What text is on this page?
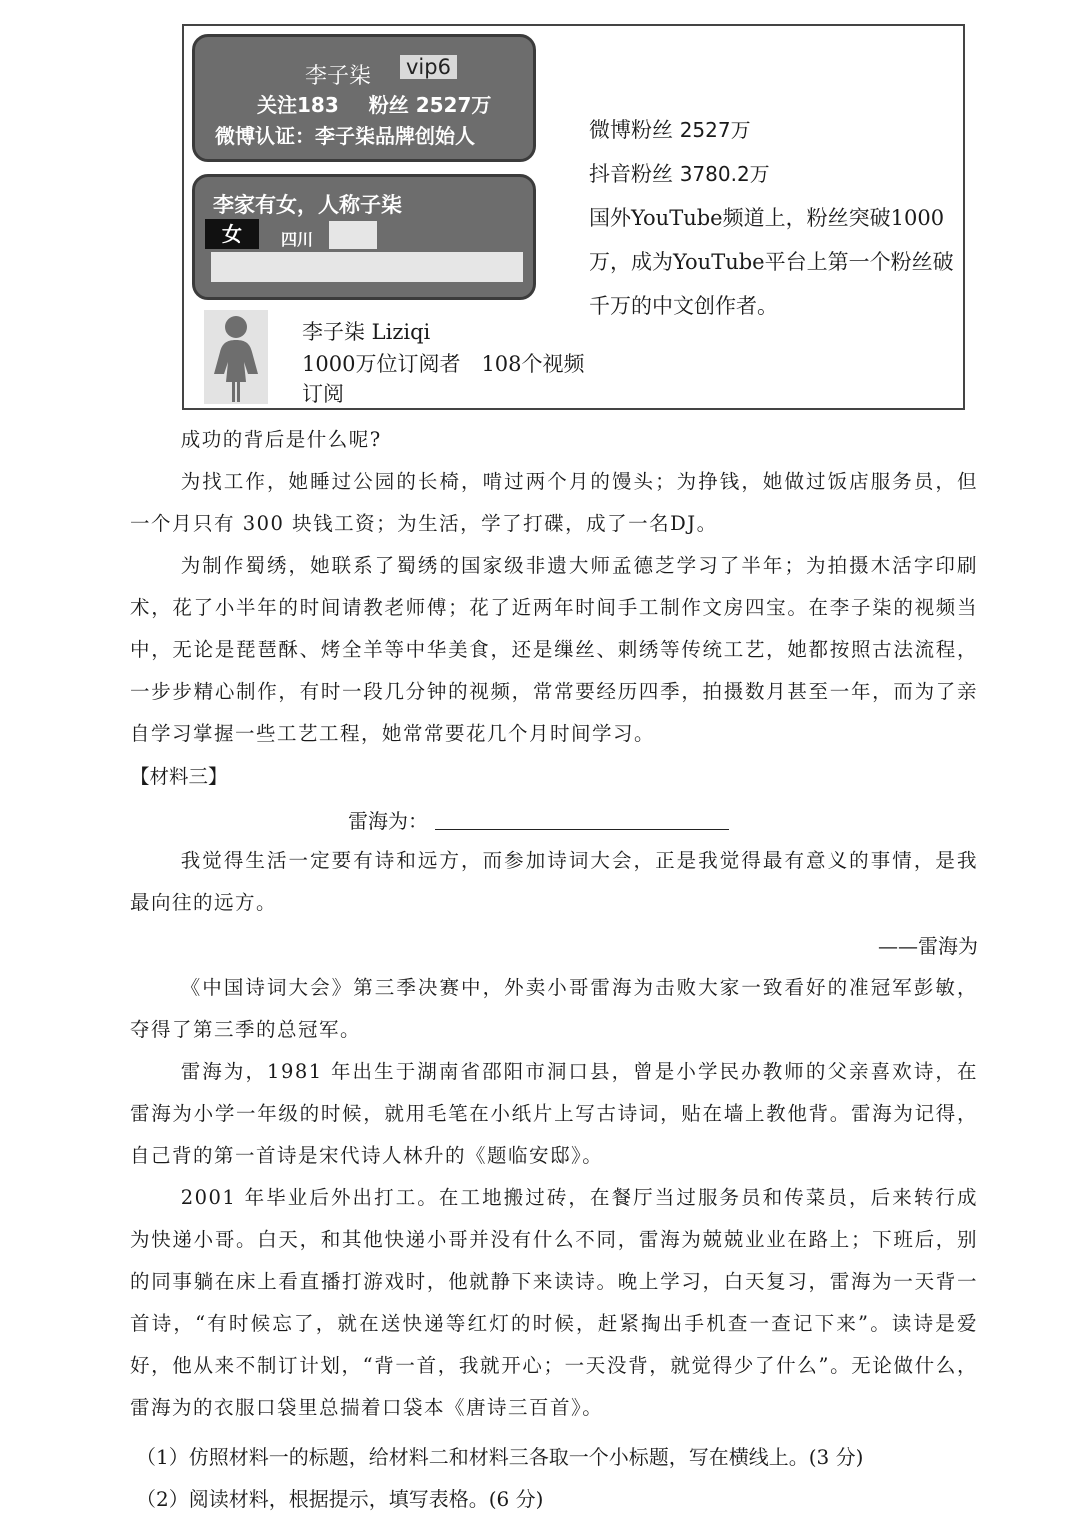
李子柒 vip6
关注183 粉丝 2527万
微博认证：李子柒品牌创始人
李家有女，人称子柒
女	四川
李子柒 Liziqi
1000万位订阅者　108个视频
订阅

微博粉丝 2527万

抖音粉丝 3780.2万

国外YouTube频道上，粉丝突破1000万，成为YouTube平台上第一个粉丝破千万的中文创作者。

成功的背后是什么呢?

为找工作，她睡过公园的长椅，啃过两个月的馒头；为挣钱，她做过饭店服务员，但一个月只有 300 块钱工资；为生活，学了打碟，成了一名DJ。

为制作蜀绣，她联系了蜀绣的国家级非遗大师孟德芝学习了半年；为拍摄木活字印刷术，花了小半年的时间请教老师傅；花了近两年时间手工制作文房四宝。在李子柒的视频当中，无论是琵琶酥、烤全羊等中华美食，还是缫丝、刺绣等传统工艺，她都按照古法流程，一步步精心制作，有时一段几分钟的视频，常常要经历四季，拍摄数月甚至一年，而为了亲自学习掌握一些工艺工程，她常常要花几个月时间学习。

【材料三】
雷海为：

我觉得生活一定要有诗和远方，而参加诗词大会，正是我觉得最有意义的事情，是我最向往的远方。

——雷海为

《中国诗词大会》第三季决赛中，外卖小哥雷海为击败大家一致看好的准冠军彭敏，夺得了第三季的总冠军。

雷海为，1981 年出生于湖南省邵阳市洞口县，曾是小学民办教师的父亲喜欢诗，在雷海为小学一年级的时候，就用毛笔在小纸片上写古诗词，贴在墙上教他背。雷海为记得，自己背的第一首诗是宋代诗人林升的《题临安邸》。

2001 年毕业后外出打工。在工地搬过砖，在餐厅当过服务员和传菜员，后来转行成为快递小哥。白天，和其他快递小哥并没有什么不同，雷海为兢兢业业在路上；下班后，别的同事躺在床上看直播打游戏时，他就静下来读诗。晚上学习，白天复习，雷海为一天背一首诗，“有时候忘了，就在送快递等红灯的时候，赶紧掏出手机查一查记下来”。读诗是爱好，他从来不制订计划，“背一首，我就开心；一天没背，就觉得少了什么”。无论做什么，雷海为的衣服口袋里总揣着口袋本《唐诗三百首》。

（1）仿照材料一的标题，给材料二和材料三各取一个小标题，写在横线上。(3 分)

（2）阅读材料，根据提示，填写表格。(6 分)
